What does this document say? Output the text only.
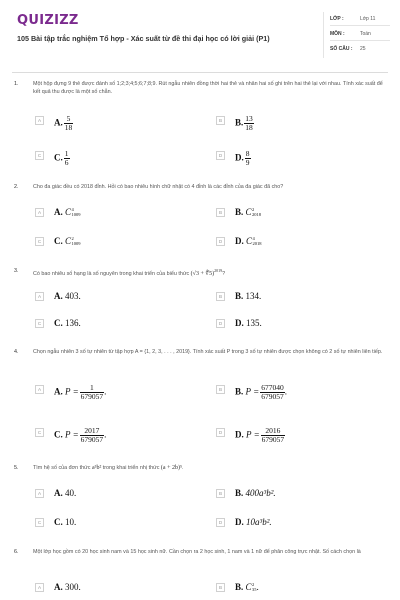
QUIZIZZ
105 Bài tập trắc nghiệm Tổ hợp - Xác suất từ đề thi đại học có lời giải (P1)
LỚP :	Lớp 11
MÔN :	Toán
SỐ CÂU : 25
1.	Một hộp đựng 9 thẻ được đánh số 1;2;3;4;5;6;7;8;9. Rút ngẫu nhiên đồng thời hai thẻ và nhân hai số ghi trên hai thẻ lại với nhau. Tính xác suất để kết quả thu được là một số chẵn.
A	A. $\frac{5}{18}$	B	B. $\frac{13}{18}$
C	C. $\frac{1}{6}$	D	D. $\frac{8}{9}$
2.	Cho đa giác đều có 2018 đỉnh. Hỏi có bao nhiêu hình chữ nhật có 4 đỉnh là các đỉnh của đa giác đã cho?
A	A. C 4
1009	B	B. C 2
2018
C	C. C 2
1009	D	D. C 4
2018
3.	Có bao nhiêu số hạng là số nguyên trong khai triển của biểu thức (√3 + ∜5)$^{2019}$?
A	A. 403.	B	B. 134.
C	C. 136.	D	D. 135.
4.	Chọn ngẫu nhiên 3 số tự nhiên từ tập hợp A = {1, 2, 3, . . . , 2019}. Tính xác suất P trong 3 số tự nhiên được chọn không có 2 số tự nhiên liên tiếp.
A	A. $P = \frac{1}{679057}$ .	B	B. $P = \frac{677040}{679057}$ .
C	C. $P = \frac{2017}{679057}$ .	D	D. $P = \frac{2016}{679057}$
5.	Tìm hệ số của đơn thức a³b² trong khai triển nhị thức (a + 2b)⁵.
A	A. 40.	B	B. 400a³b².
C	C. 10.	D	D. 10a³b².
6.	Một lớp học gồm có 20 học sinh nam và 15 học sinh nữ. Cần chọn ra 2 học sinh, 1 nam và 1 nữ để phân công trực nhật. Số cách chọn là
A	A. 300.	B	B. C 2
35 .
